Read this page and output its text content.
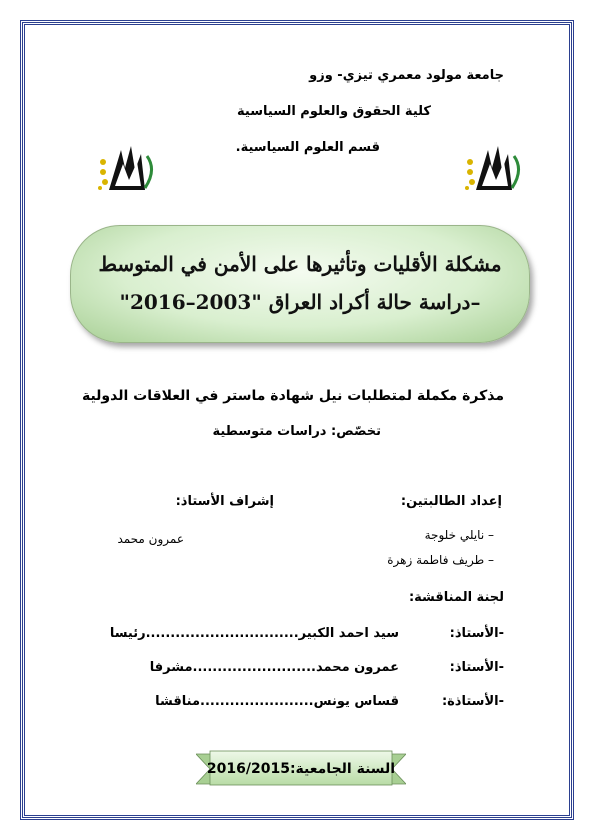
جامعة مولود معمري تيزي- وزو
كلية الحقوق والعلوم السياسية
قسم العلوم السياسية.
مشكلة الأقليات وتأثيرها على الأمن في المتوسط
–دراسة حالة أكراد العراق "2003–2016"
مذكرة مكملة لمتطلبات نيل شهادة ماستر في العلاقات الدولية
تخصّص: دراسات متوسطية
إعداد الطالبتين:
إشراف الأستاذ:
– نايلي خلوجة
– طريف فاطمة زهرة
عمرون محمد
لجنة المناقشة:
-الأستاذ:
سيد احمد الكبير...............................رئيسا
-الأستاذ:
عمرون محمد.........................مشرفا
-الأستاذة:
قساس يونس.......................مناقشا
السنة الجامعية:2016/2015
